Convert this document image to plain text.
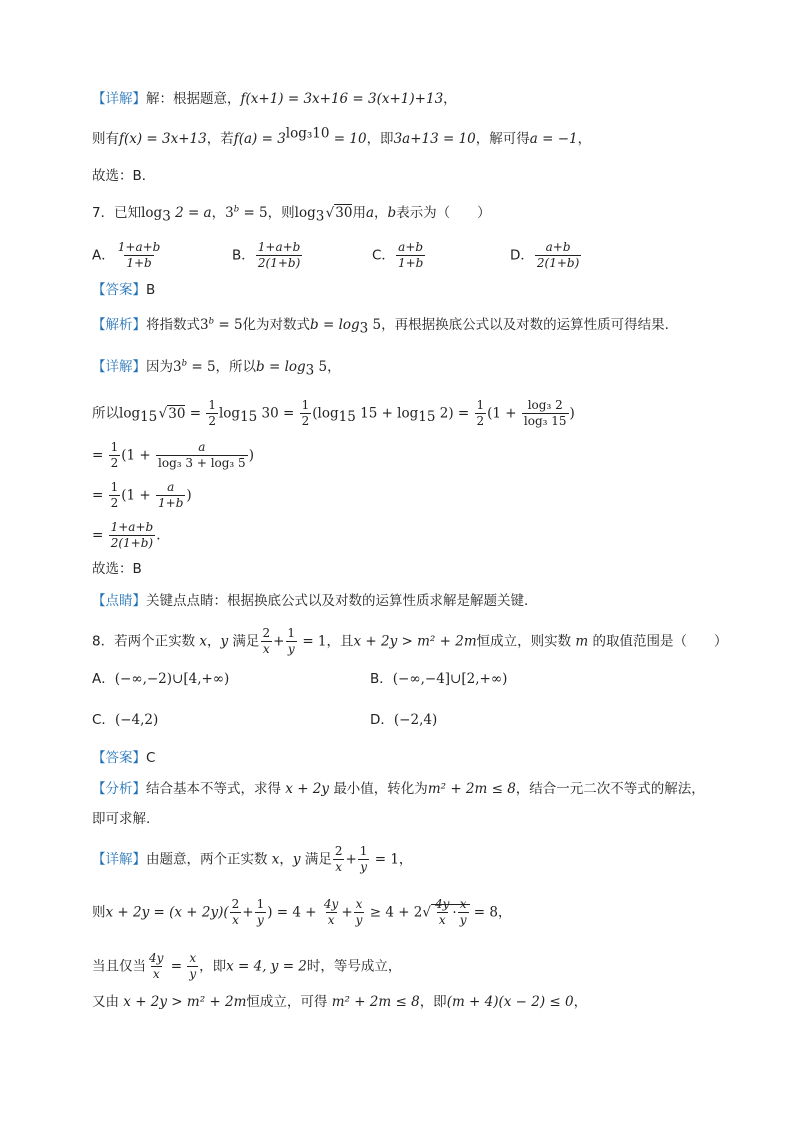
【详解】解：根据题意，f(x+1) = 3x+16 = 3(x+1)+13，
则有f(x) = 3x+13，若$f(a) = 3^{log_310} = 10$，即3a+13 = 10，解可得a = −1，
故选：B．
7．已知$\log_3 2 = a$，$3^b = 5$，则$\log_3$ √30用a，b表示为（　　）
A． $\frac{1+a+b}{1+b}$	B． $\frac{1+a+b}{2(1+b)}$	C． $\frac{a+b}{1+b}$	D． $\frac{a+b}{2(1+b)}$
【答案】B
【解析】将指数式$3^b = 5$化为对数式$b = \log_3 5$，再根据换底公式以及对数的运算性质可得结果.
【详解】因为$3^b = 5$，所以$b = \log_3 5$，
所以$\log_{15}$ $√30 = \frac{1}{2} \log_{15} 30 = \frac{1}{2} (\log_{15}$ $15 + \log_{15} 2) = \frac{1}{2} (1 + \frac{\text{log₃ 2}}{\text{log₃ 15}}$ )
= $\frac{1}{2} (1 + \frac{a}{\text{log₃ 3 + log₃ 5}}$ )
= $\frac{1}{2} (1 + \frac{a}{1+b}$ )
= $\frac{1+a+b}{2(1+b)}$ .
故选：B
【点睛】关键点点睛：根据换底公式以及对数的运算性质求解是解题关键.
8．若两个正实数 x，y 满足 $\frac{2}{x} + \frac{1}{y} = 1$，且x + 2y > m² + 2m恒成立，则实数 m 的取值范围是（　　）
A．(−∞,−2)∪[4,+∞)	B．(−∞,−4]∪[2,+∞)
C．(−4,2)	D．(−2,4)
【答案】C
【分析】结合基本不等式，求得 x + 2y 最小值，转化为m² + 2m ≤ 8，结合一元二次不等式的解法，
即可求解.
【详解】由题意，两个正实数 x，y 满足 $\frac{2}{x} + \frac{1}{y} = 1$，
则$x + 2y = (x + 2y)( \frac{2}{x} + \frac{1}{y}$ ) = $4 + \frac{4y}{x} + \frac{x}{y} \ge 4 + 2√ \frac{4y}{x} \cdot \frac{x}{y} = 8$，
当且仅当 $\frac{4y}{x} = \frac{x}{y}$ ，即x = 4, y = 2时，等号成立，
又由 x + 2y > m² + 2m恒成立，可得 m² + 2m ≤ 8，即(m + 4)(x − 2) ≤ 0，
